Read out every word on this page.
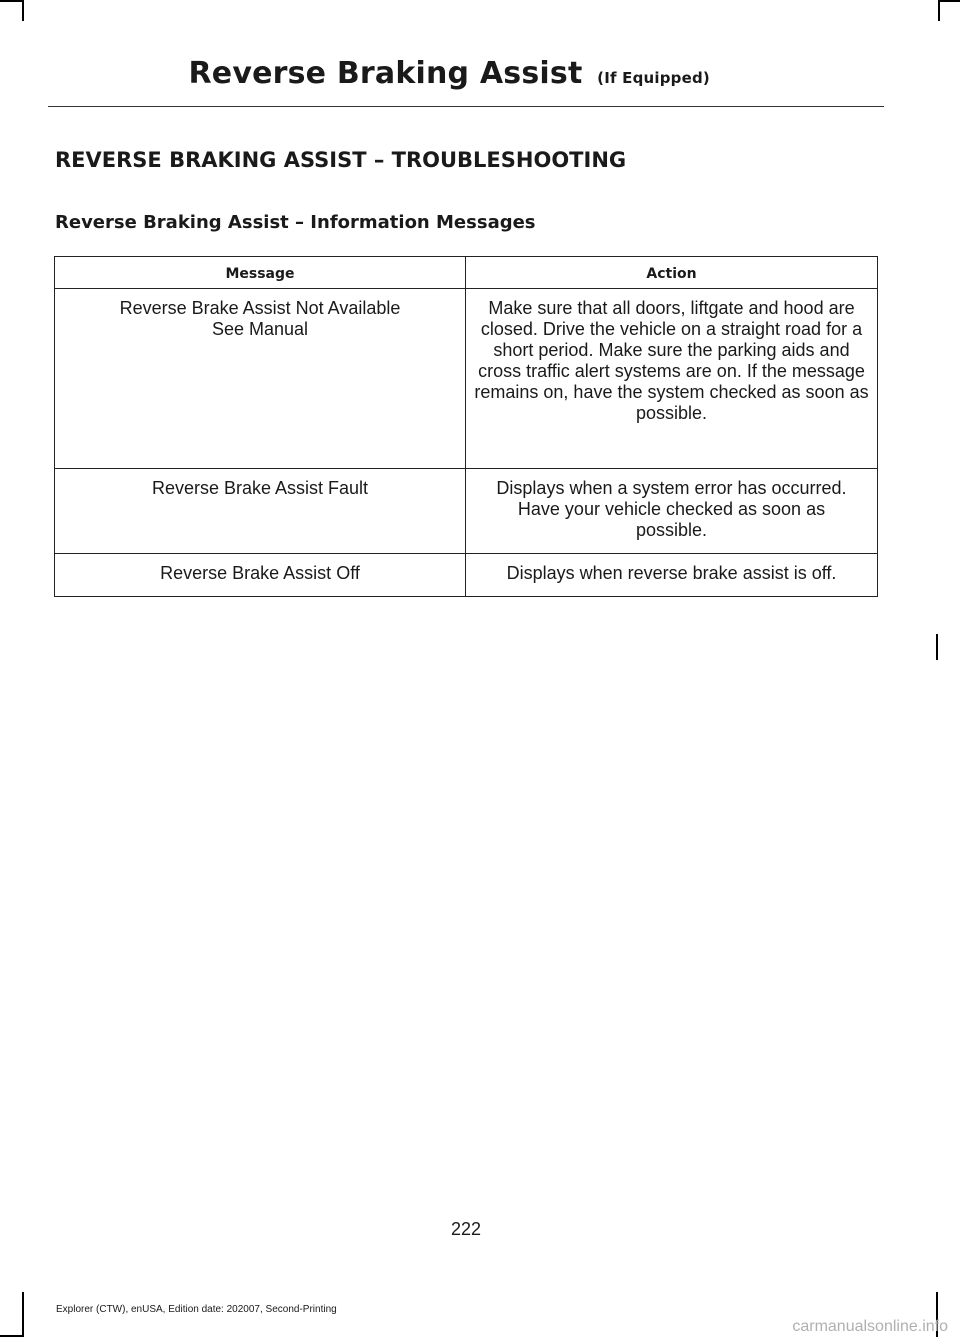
Reverse Braking Assist (If Equipped)
REVERSE BRAKING ASSIST – TROUBLESHOOTING
Reverse Braking Assist – Information Messages
Message	Action
Reverse Brake Assist Not Available See Manual	Make sure that all doors, liftgate and hood are closed. Drive the vehicle on a straight road for a short period. Make sure the parking aids and cross traffic alert systems are on. If the message remains on, have the system checked as soon as possible.
Reverse Brake Assist Fault	Displays when a system error has occurred. Have your vehicle checked as soon as possible.
Reverse Brake Assist Off	Displays when reverse brake assist is off.
222
Explorer (CTW), enUSA, Edition date: 202007, Second-Printing
carmanualsonline.info
